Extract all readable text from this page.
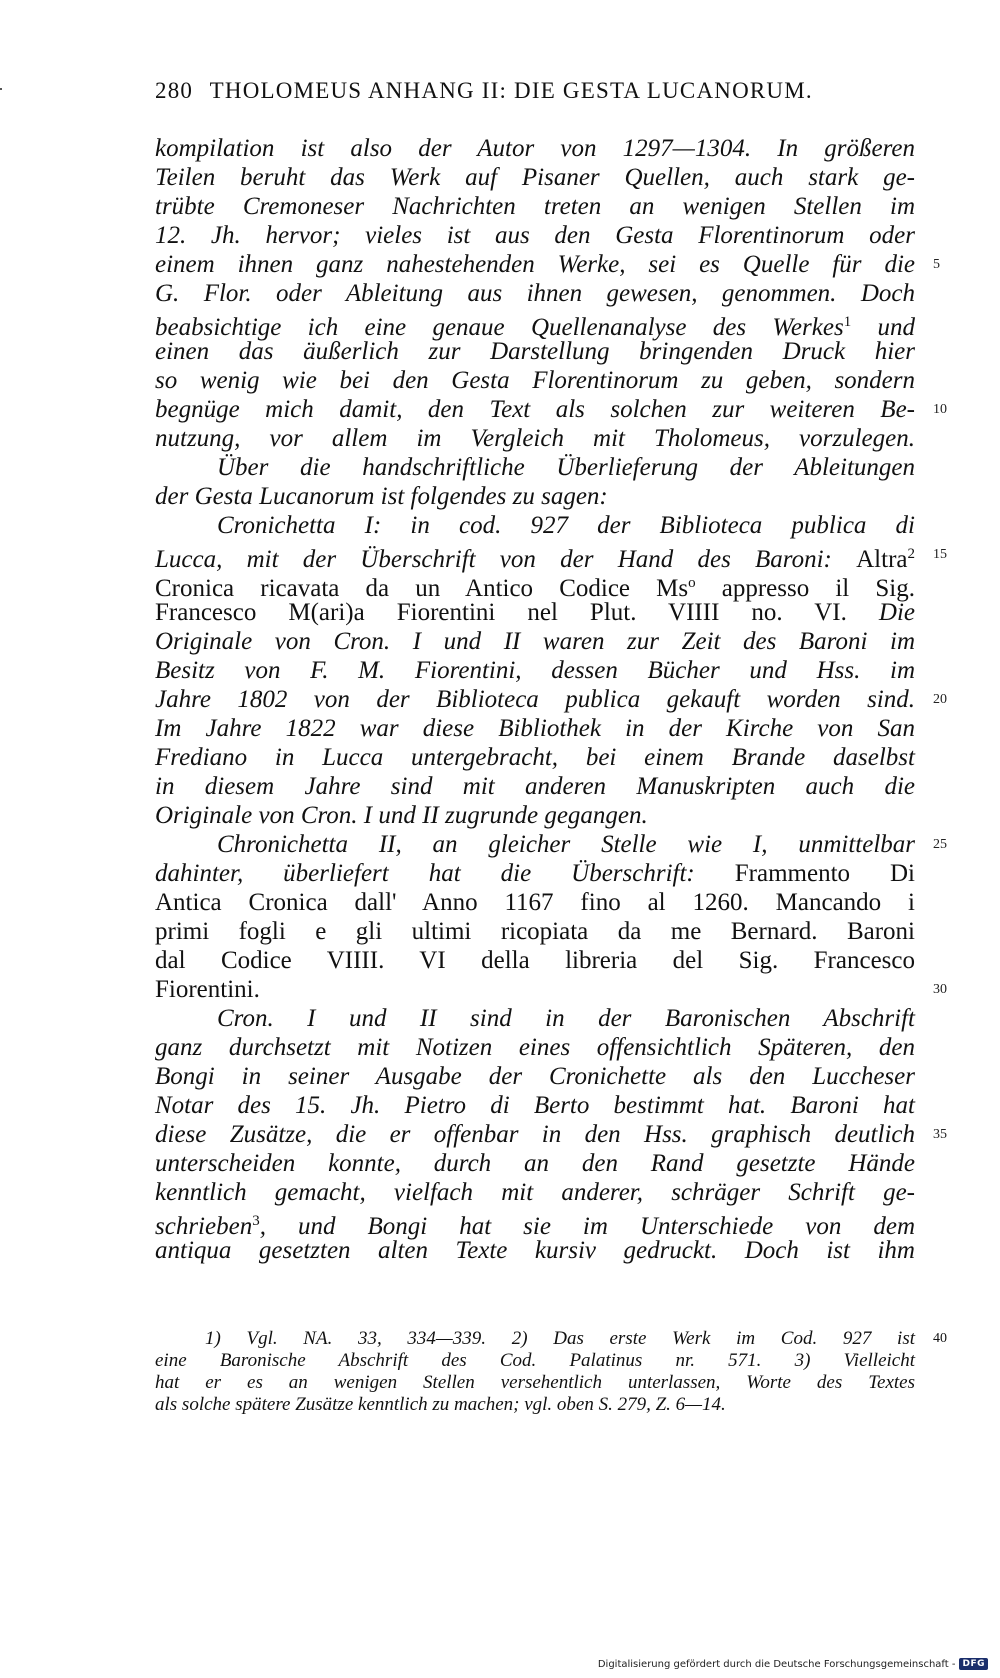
280 THOLOMEUS ANHANG II: DIE GESTA LUCANORUM.
kompilation ist also der Autor von 1297—1304. In größeren
Teilen beruht das Werk auf Pisaner Quellen, auch stark ge-
trübte Cremoneser Nachrichten treten an wenigen Stellen im
12. Jh. hervor; vieles ist aus den Gesta Florentinorum oder
einem ihnen ganz nahestehenden Werke, sei es Quelle für die 5
G. Flor. oder Ableitung aus ihnen gewesen, genommen. Doch
beabsichtige ich eine genaue Quellenanalyse des Werkes$^1$ und
einen das äußerlich zur Darstellung bringenden Druck hier
so wenig wie bei den Gesta Florentinorum zu geben, sondern
begnüge mich damit, den Text als solchen zur weiteren Be- 10
nutzung, vor allem im Vergleich mit Tholomeus, vorzulegen.
Über die handschriftliche Überlieferung der Ableitungen
der Gesta Lucanorum ist folgendes zu sagen:
Cronichetta I: in cod. 927 der Biblioteca publica di
Lucca, mit der Überschrift von der Hand des Baroni: Altra$^2$ 15
Cronica ricavata da un Antico Codice Ms$^o$ appresso il Sig.
Francesco M(ari)a Fiorentini nel Plut. VIIII no. VI. Die
Originale von Cron. I und II waren zur Zeit des Baroni im
Besitz von F. M. Fiorentini, dessen Bücher und Hss. im
Jahre 1802 von der Biblioteca publica gekauft worden sind. 20
Im Jahre 1822 war diese Bibliothek in der Kirche von San
Frediano in Lucca untergebracht, bei einem Brande daselbst
in diesem Jahre sind mit anderen Manuskripten auch die
Originale von Cron. I und II zugrunde gegangen.
Chronichetta II, an gleicher Stelle wie I, unmittelbar 25
dahinter, überliefert hat die Überschrift: Frammento Di
Antica Cronica dall' Anno 1167 fino al 1260. Mancando i
primi fogli e gli ultimi ricopiata da me Bernard. Baroni
dal Codice VIIII. VI della libreria del Sig. Francesco
Fiorentini.	30
Cron. I und II sind in der Baronischen Abschrift
ganz durchsetzt mit Notizen eines offensichtlich Späteren, den
Bongi in seiner Ausgabe der Cronichette als den Luccheser
Notar des 15. Jh. Pietro di Berto bestimmt hat. Baroni hat
diese Zusätze, die er offenbar in den Hss. graphisch deutlich 35
unterscheiden konnte, durch an den Rand gesetzte Hände
kenntlich gemacht, vielfach mit anderer, schräger Schrift ge-
schrieben$^3$, und Bongi hat sie im Unterschiede von dem
antiqua gesetzten alten Texte kursiv gedruckt. Doch ist ihm
1) Vgl. NA. 33, 334—339. 2) Das erste Werk im Cod. 927 ist 40
eine Baronische Abschrift des Cod. Palatinus nr. 571. 3) Vielleicht
hat er es an wenigen Stellen versehentlich unterlassen, Worte des Textes
als solche spätere Zusätze kenntlich zu machen; vgl. oben S. 279, Z. 6—14.
Digitalisierung gefördert durch die Deutsche Forschungsgemeinschaft - DFG
